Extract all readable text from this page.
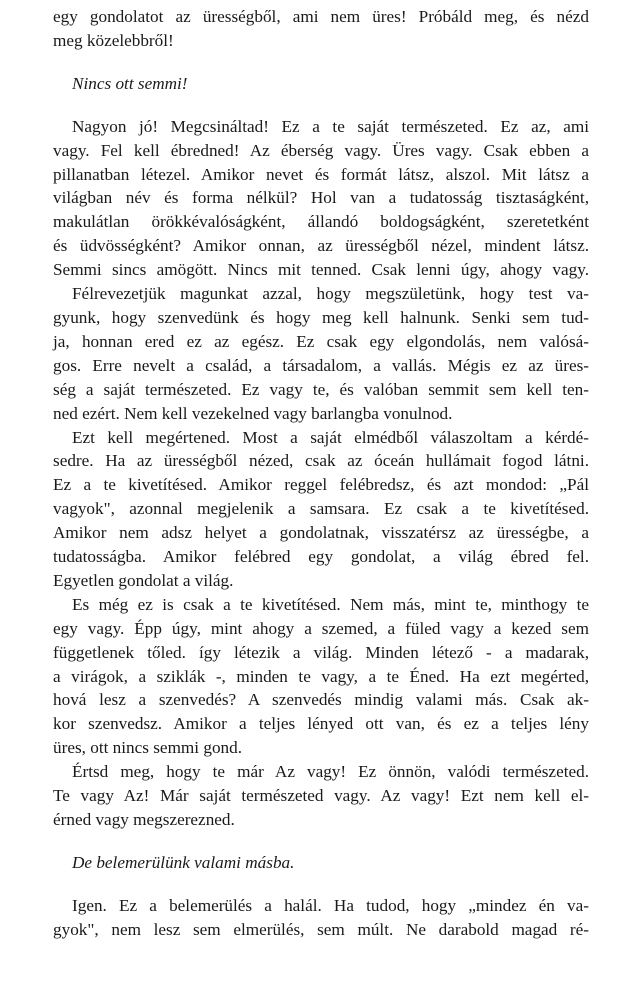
egy gondolatot az ürességből, ami nem üres! Próbáld meg, és nézd
meg közelebbről!
Nincs ott semmi!
Nagyon jó! Megcsináltad! Ez a te saját természeted. Ez az, ami
vagy. Fel kell ébredned! Az éberség vagy. Üres vagy. Csak ebben a
pillanatban létezel. Amikor nevet és formát látsz, alszol. Mit látsz a
világban név és forma nélkül? Hol van a tudatosság tisztaságként,
makulátlan örökkévalóságként, állandó boldogságként, szeretetként
és üdvösségként? Amikor onnan, az ürességből nézel, mindent látsz.
Semmi sincs amögött. Nincs mit tenned. Csak lenni úgy, ahogy vagy.
Félrevezetjük magunkat azzal, hogy megszületünk, hogy test va-
gyunk, hogy szenvedünk és hogy meg kell halnunk. Senki sem tud-
ja, honnan ered ez az egész. Ez csak egy elgondolás, nem valósá-
gos. Erre nevelt a család, a társadalom, a vallás. Mégis ez az üres-
ség a saját természeted. Ez vagy te, és valóban semmit sem kell ten-
ned ezért. Nem kell vezekelned vagy barlangba vonulnod.
Ezt kell megértened. Most a saját elmédből válaszoltam a kérdé-
sedre. Ha az ürességből nézed, csak az óceán hullámait fogod látni.
Ez a te kivetítésed. Amikor reggel felébredsz, és azt mondod: „Pál
vagyok", azonnal megjelenik a samsara. Ez csak a te kivetítésed.
Amikor nem adsz helyet a gondolatnak, visszatérsz az ürességbe, a
tudatosságba. Amikor felébred egy gondolat, a világ ébred fel.
Egyetlen gondolat a világ.
Es még ez is csak a te kivetítésed. Nem más, mint te, minthogy te
egy vagy. Épp úgy, mint ahogy a szemed, a füled vagy a kezed sem
függetlenek tőled. így létezik a világ. Minden létező - a madarak,
a virágok, a sziklák -, minden te vagy, a te Éned. Ha ezt megérted,
hová lesz a szenvedés? A szenvedés mindig valami más. Csak ak-
kor szenvedsz. Amikor a teljes lényed ott van, és ez a teljes lény
üres, ott nincs semmi gond.
Értsd meg, hogy te már Az vagy! Ez önnön, valódi természeted.
Te vagy Az! Már saját természeted vagy. Az vagy! Ezt nem kell el-
érned vagy megszerezned.
De belemerülünk valami másba.
Igen. Ez a belemerülés a halál. Ha tudod, hogy „mindez én va-
gyok", nem lesz sem elmerülés, sem múlt. Ne darabold magad ré-
